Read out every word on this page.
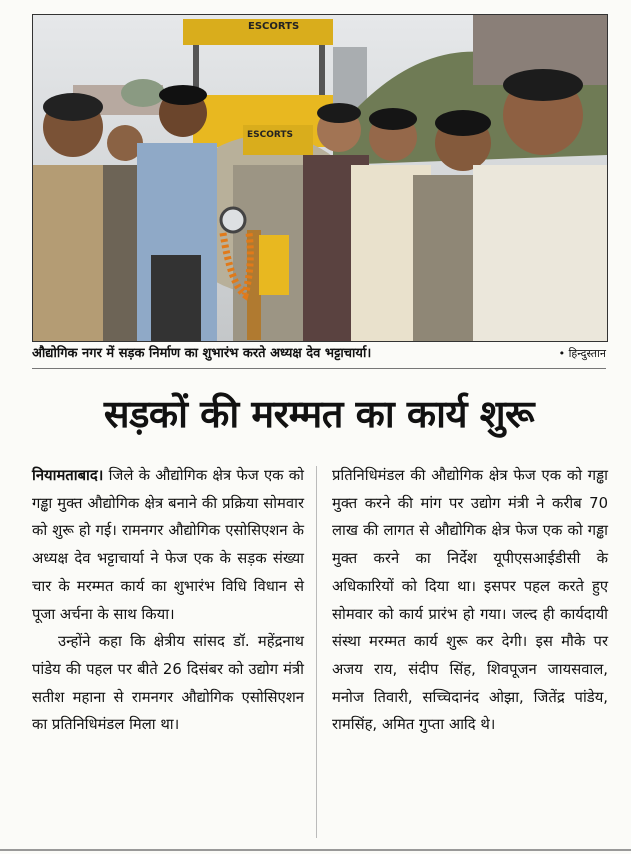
ESCORTS
ESCORTS
औद्योगिक नगर में सड़क निर्माण का शुभारंभ करते अध्यक्ष देव भट्टाचार्या।	• हिन्दुस्तान
सड़कों की मरम्मत का कार्य शुरू

नियामताबाद। जिले के औद्योगिक क्षेत्र फेज एक को गड्ढा मुक्त औद्योगिक क्षेत्र बनाने की प्रक्रिया सोमवार को शुरू हो गई। रामनगर औद्योगिक एसोसिएशन के अध्यक्ष देव भट्टाचार्या ने फेज एक के सड़क संख्या चार के मरम्मत कार्य का शुभारंभ विधि विधान से पूजा अर्चना के साथ किया।

उन्होंने कहा कि क्षेत्रीय सांसद डॉ. महेंद्रनाथ पांडेय की पहल पर बीते 26 दिसंबर को उद्योग मंत्री सतीश महाना से रामनगर औद्योगिक एसोसिएशन का प्रतिनिधिमंडल मिला था।

प्रतिनिधिमंडल की औद्योगिक क्षेत्र फेज एक को गड्ढा मुक्त करने की मांग पर उद्योग मंत्री ने करीब 70 लाख की लागत से औद्योगिक क्षेत्र फेज एक को गड्ढा मुक्त करने का निर्देश यूपीएसआईडीसी के अधिकारियों को दिया था। इसपर पहल करते हुए सोमवार को कार्य प्रारंभ हो गया। जल्द ही कार्यदायी संस्था मरम्मत कार्य शुरू कर देगी। इस मौके पर अजय राय, संदीप सिंह, शिवपूजन जायसवाल, मनोज तिवारी, सच्चिदानंद ओझा, जितेंद्र पांडेय, रामसिंह, अमित गुप्ता आदि थे।
